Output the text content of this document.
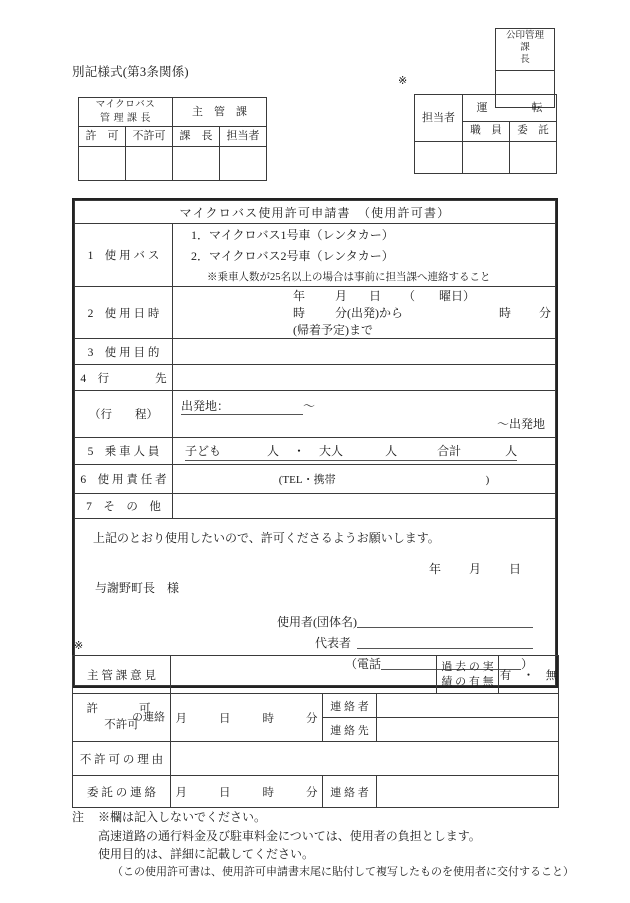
公印管理
課　　長
別記様式(第3条関係)
マイクロバス
管 理 課 長		主　管　課	
許　可	不許可	課　長	担当者

※
担当者	運　　　　転	
	職　員	委　託

マイクロバス使用許可申請書　（使用許可書）	
1　使 用 バ ス	1．マイクロバス1号車（レンタカー）
2．マイクロバス2号車（レンタカー）
※乗車人数が25名以上の場合は事前に担当課へ連絡すること

2　使 用 日 時	年 月 日 （　　曜日）
時 分(出発)から 時 分(帰着予定)まで

3　使 用 目 的	
4　行　　　　先	
（行　　程）	出発地： 〜
〜出発地

5　乗 車 人 員	子ども 人 ・ 大人 人 合計 人

6　使 用 責 任 者	(TEL・携帯 )

7　そ　の　他	

上記のとおり使用したいので、許可くださるようお願いします。
年 月 日
与謝野町長　様
使用者(団体名)
代表者
（電話	）
※
主 管 課 意 見				過 去 の 実
績 の 有 無	有　・　無

許　　可
不許可
の連絡	月 日 時 分	連 絡 者			
		連 絡 先			
不 許 可 の 理 由					
委 託 の 連 絡	月 日 時 分	連 絡 者			
注 ※欄は記入しないでください。
高速道路の通行料金及び駐車料金については、使用者の負担とします。
使用目的は、詳細に記載してください。
（この使用許可書は、使用許可申請書末尾に貼付して複写したものを使用者に交付すること）
